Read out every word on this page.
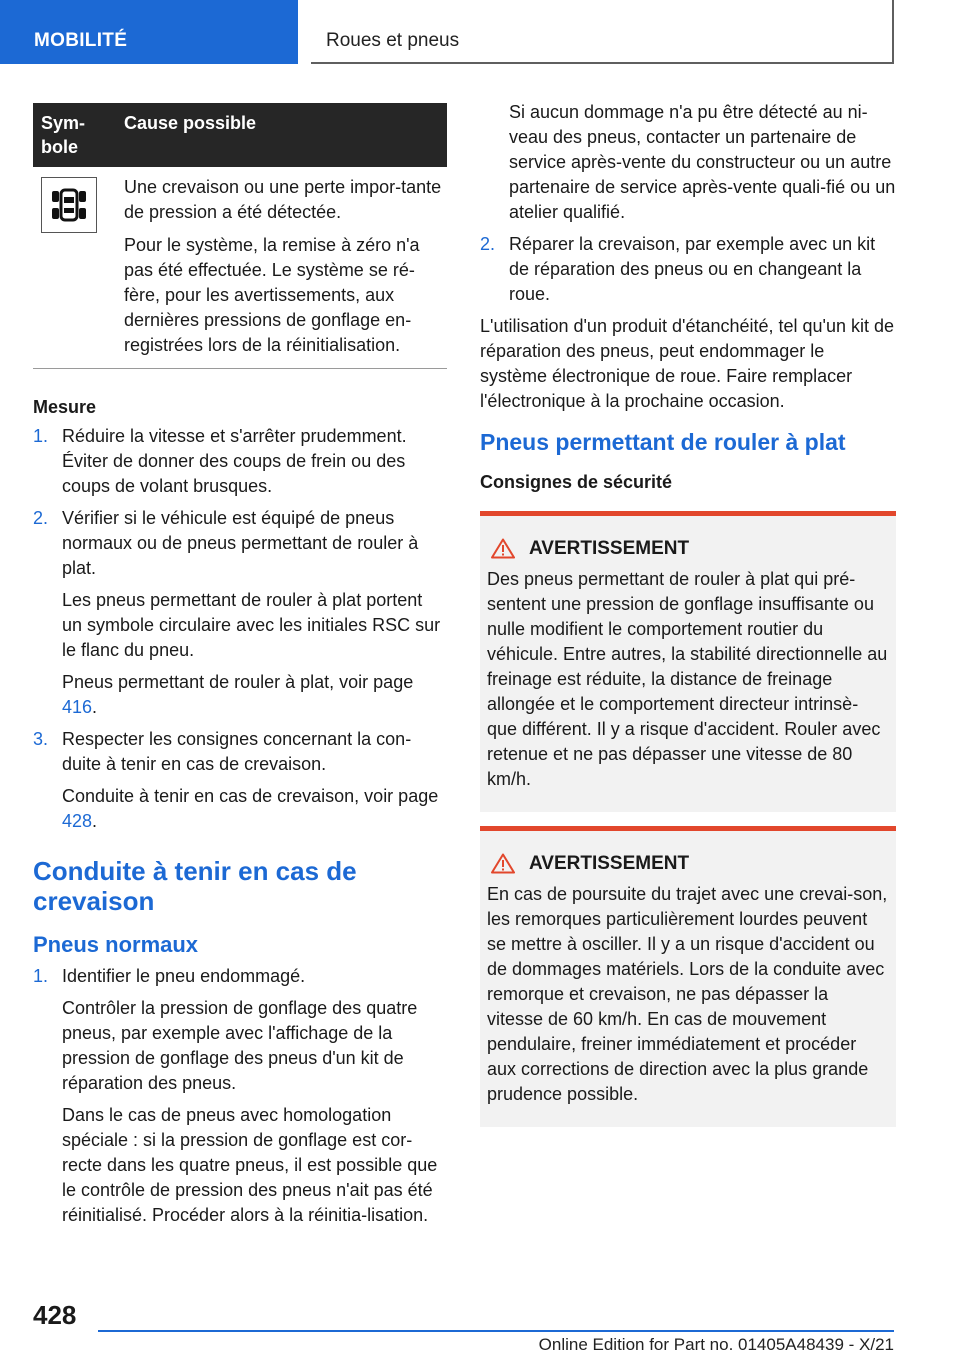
MOBILITÉ	Roues et pneus
Sym-
bole	Cause possible

Une crevaison ou une perte impor-tante de pression a été détectée.

Pour le système, la remise à zéro n'a pas été effectuée. Le système se ré-fère, pour les avertissements, aux dernières pressions de gonflage en-registrées lors de la réinitialisation.

Mesure
1. Réduire la vitesse et s'arrêter prudemment. Éviter de donner des coups de frein ou des coups de volant brusques.

2. Vérifier si le véhicule est équipé de pneus normaux ou de pneus permettant de rouler à plat.

Les pneus permettant de rouler à plat portent un symbole circulaire avec les initiales RSC sur le flanc du pneu.

Pneus permettant de rouler à plat, voir page 416.

3. Respecter les consignes concernant la con-duite à tenir en cas de crevaison.

Conduite à tenir en cas de crevaison, voir page 428.

Conduite à tenir en cas de crevaison
Pneus normaux
1. Identifier le pneu endommagé.

Contrôler la pression de gonflage des quatre pneus, par exemple avec l'affichage de la pression de gonflage des pneus d'un kit de réparation des pneus.

Dans le cas de pneus avec homologation spéciale : si la pression de gonflage est cor-recte dans les quatre pneus, il est possible que le contrôle de pression des pneus n'ait pas été réinitialisé. Procéder alors à la réinitia-lisation.

Si aucun dommage n'a pu être détecté au ni-veau des pneus, contacter un partenaire de service après-vente du constructeur ou un autre partenaire de service après-vente quali-fié ou un atelier qualifié.

2. Réparer la crevaison, par exemple avec un kit de réparation des pneus ou en changeant la roue.

L'utilisation d'un produit d'étanchéité, tel qu'un kit de réparation des pneus, peut endommager le système électronique de roue. Faire remplacer l'électronique à la prochaine occasion.

Pneus permettant de rouler à plat
Consignes de sécurité
AVERTISSEMENT

Des pneus permettant de rouler à plat qui pré-sentent une pression de gonflage insuffisante ou nulle modifient le comportement routier du véhicule. Entre autres, la stabilité directionnelle au freinage est réduite, la distance de freinage allongée et le comportement directeur intrinsè-que différent. Il y a risque d'accident. Rouler avec retenue et ne pas dépasser une vitesse de 80 km/h.

AVERTISSEMENT

En cas de poursuite du trajet avec une crevai-son, les remorques particulièrement lourdes peuvent se mettre à osciller. Il y a un risque d'accident ou de dommages matériels. Lors de la conduite avec remorque et crevaison, ne pas dépasser la vitesse de 60 km/h. En cas de mouvement pendulaire, freiner immédiatement et procéder aux corrections de direction avec la plus grande prudence possible.

428
Online Edition for Part no. 01405A48439 - X/21
